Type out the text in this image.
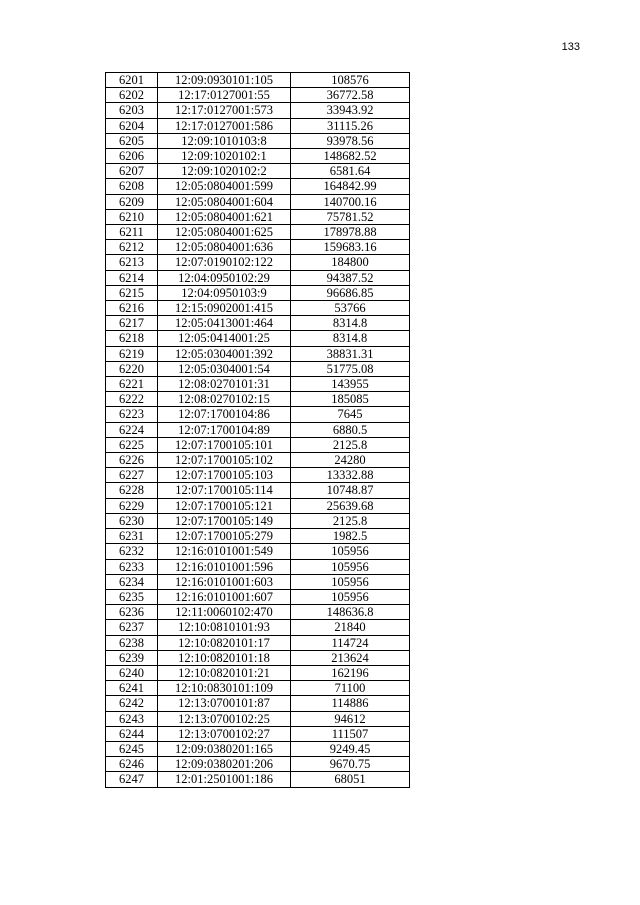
133
6201	12:09:0930101:105	108576
6202	12:17:0127001:55	36772.58
6203	12:17:0127001:573	33943.92
6204	12:17:0127001:586	31115.26
6205	12:09:1010103:8	93978.56
6206	12:09:1020102:1	148682.52
6207	12:09:1020102:2	6581.64
6208	12:05:0804001:599	164842.99
6209	12:05:0804001:604	140700.16
6210	12:05:0804001:621	75781.52
6211	12:05:0804001:625	178978.88
6212	12:05:0804001:636	159683.16
6213	12:07:0190102:122	184800
6214	12:04:0950102:29	94387.52
6215	12:04:0950103:9	96686.85
6216	12:15:0902001:415	53766
6217	12:05:0413001:464	8314.8
6218	12:05:0414001:25	8314.8
6219	12:05:0304001:392	38831.31
6220	12:05:0304001:54	51775.08
6221	12:08:0270101:31	143955
6222	12:08:0270102:15	185085
6223	12:07:1700104:86	7645
6224	12:07:1700104:89	6880.5
6225	12:07:1700105:101	2125.8
6226	12:07:1700105:102	24280
6227	12:07:1700105:103	13332.88
6228	12:07:1700105:114	10748.87
6229	12:07:1700105:121	25639.68
6230	12:07:1700105:149	2125.8
6231	12:07:1700105:279	1982.5
6232	12:16:0101001:549	105956
6233	12:16:0101001:596	105956
6234	12:16:0101001:603	105956
6235	12:16:0101001:607	105956
6236	12:11:0060102:470	148636.8
6237	12:10:0810101:93	21840
6238	12:10:0820101:17	114724
6239	12:10:0820101:18	213624
6240	12:10:0820101:21	162196
6241	12:10:0830101:109	71100
6242	12:13:0700101:87	114886
6243	12:13:0700102:25	94612
6244	12:13:0700102:27	111507
6245	12:09:0380201:165	9249.45
6246	12:09:0380201:206	9670.75
6247	12:01:2501001:186	68051
